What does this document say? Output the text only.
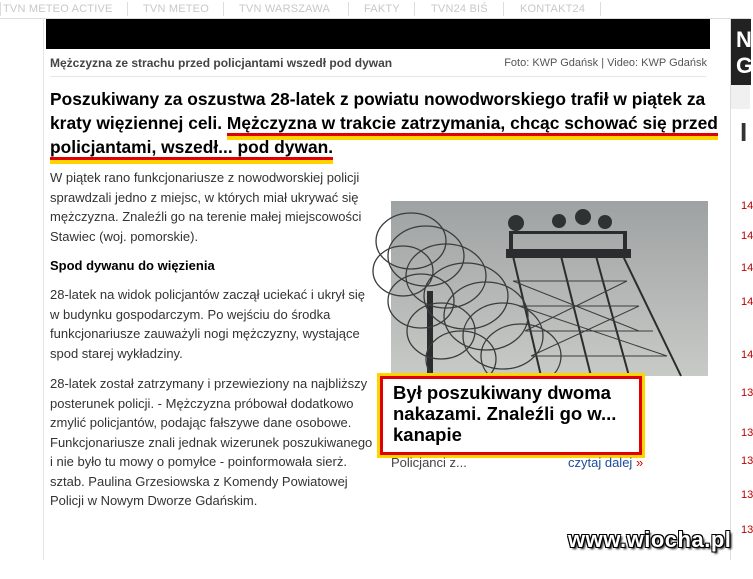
TVN METEO ACTIVE	TVN METEO	TVN WARSZAWA	FAKTY	TVN24 BIŚ	KONTAKT24
N
G
I
14
14
14
14
14
13
13
13
13
13
Mężczyzna ze strachu przed policjantami wszedł pod dywan	Foto: KWP Gdańsk | Video: KWP Gdańsk
Poszukiwany za oszustwa 28-latek z powiatu nowodworskiego trafił w piątek za kraty więziennej celi. Mężczyzna w trakcie zatrzymania, chcąc schować się przed policjantami, wszedł... pod dywan.

W piątek rano funkcjonariusze z nowodworskiej policji sprawdzali jedno z miejsc, w których miał ukrywać się mężczyzna. Znaleźli go na terenie małej miejscowości Stawiec (woj. pomorskie).

Spod dywanu do więzienia

28-latek na widok policjantów zaczął uciekać i ukrył się w budynku gospodarczym. Po wejściu do środka funkcjonariusze zauważyli nogi mężczyzny, wystające spod starej wykładziny.

28-latek został zatrzymany i przewieziony na najbliższy posterunek policji. - Mężczyzna próbował dodatkowo zmylić policjantów, podając fałszywe dane osobowe. Funkcjonariusze znali jednak wizerunek poszukiwanego i nie było tu mowy o pomyłce - poinformowała sierż. sztab. Paulina Grzesiowska z Komendy Powiatowej Policji w Nowym Dworze Gdańskim.

Był poszukiwany dwoma nakazami. Znaleźli go w... kanapie
Policjanci z...	czytaj dalej »
www.wiocha.pl
